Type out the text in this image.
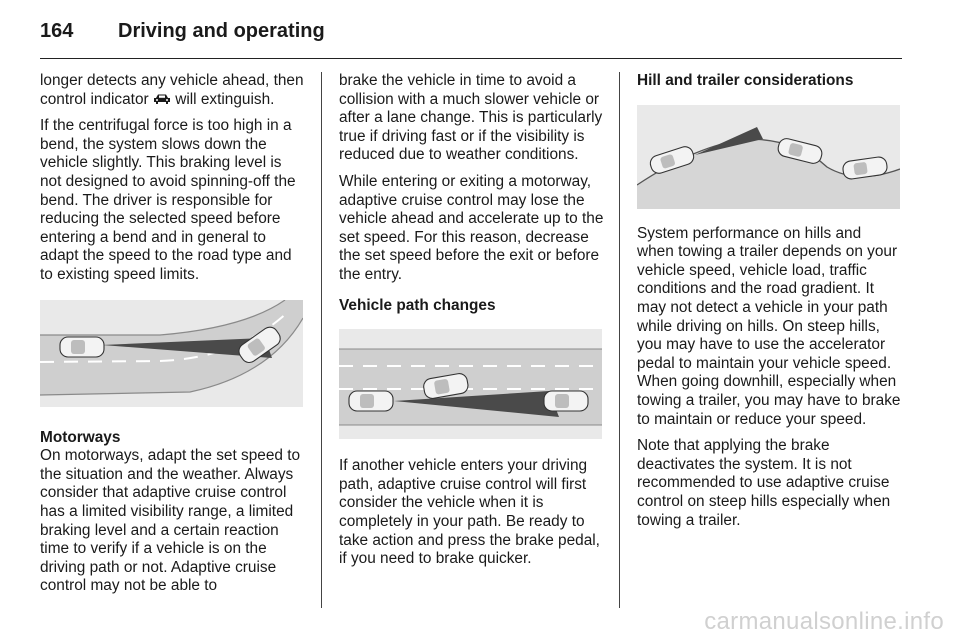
164 Driving and operating

longer detects any vehicle ahead, then control indicator  will extinguish.

If the centrifugal force is too high in a bend, the system slows down the vehicle slightly. This braking level is not designed to avoid spinning-off the bend. The driver is responsible for reducing the selected speed before entering a bend and in general to adapt the speed to the road type and to existing speed limits.

Motorways

On motorways, adapt the set speed to the situation and the weather. Always consider that adaptive cruise control has a limited visibility range, a limited braking level and a certain reaction time to verify if a vehicle is on the driving path or not. Adaptive cruise control may not be able to

brake the vehicle in time to avoid a collision with a much slower vehicle or after a lane change. This is particularly true if driving fast or if the visibility is reduced due to weather conditions.

While entering or exiting a motorway, adaptive cruise control may lose the vehicle ahead and accelerate up to the set speed. For this reason, decrease the set speed before the exit or before the entry.

Vehicle path changes

If another vehicle enters your driving path, adaptive cruise control will first consider the vehicle when it is completely in your path. Be ready to take action and press the brake pedal, if you need to brake quicker.

Hill and trailer considerations

System performance on hills and when towing a trailer depends on your vehicle speed, vehicle load, traffic conditions and the road gradient. It may not detect a vehicle in your path while driving on hills. On steep hills, you may have to use the accelerator pedal to maintain your vehicle speed. When going downhill, especially when towing a trailer, you may have to brake to maintain or reduce your speed.

Note that applying the brake deactivates the system. It is not recommended to use adaptive cruise control on steep hills especially when towing a trailer.

carmanualsonline.info
